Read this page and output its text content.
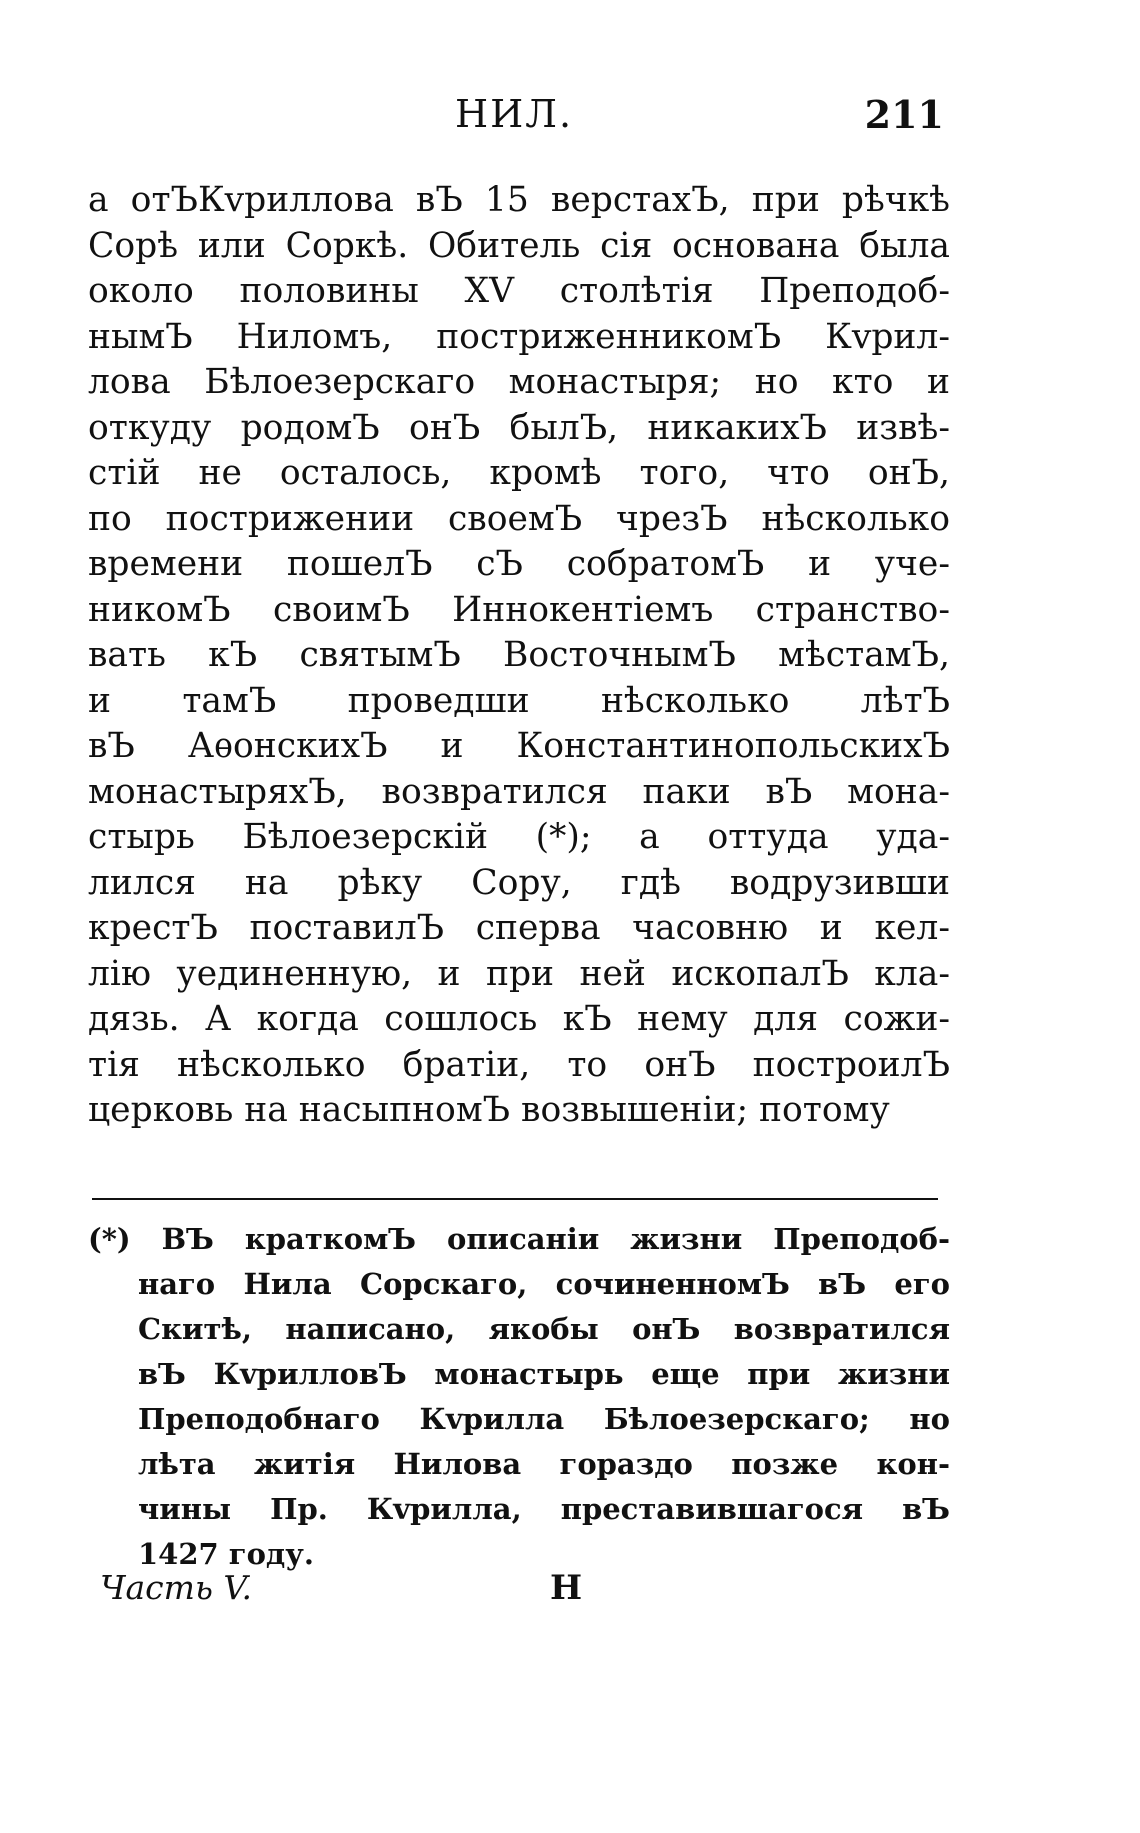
НИЛ.	211
а отЪКvриллова вЪ 15 верстахЪ, при рѣчкѣ
Сорѣ или Соркѣ. Обитель сія основана была
около половины XV столѣтія Преподоб-
нымЪ Ниломъ, постриженникомЪ Кvрил-
лова Бѣлоезерскаго монастыря; но кто и
откуду родомЪ онЪ былЪ, никакихЪ извѣ-
стій не осталось, кромѣ того, что онЪ,
по пострижении своемЪ чрезЪ нѣсколько
времени пошелЪ сЪ собратомЪ и уче-
никомЪ своимЪ Иннокентіемъ странство-
вать кЪ святымЪ ВосточнымЪ мѣстамЪ,
и тамЪ проведши нѣсколько лѣтЪ
вЪ АѳонскихЪ и КонстантинопольскихЪ
монастыряхЪ, возвратился паки вЪ мона-
стырь Бѣлоезерскій (*); а оттуда уда-
лился на рѣку Сору, гдѣ водрузивши
крестЪ поставилЪ сперва часовню и кел-
лію уединенную, и при ней ископалЪ кла-
дязь. А когда сошлось кЪ нему для сожи-
тія нѣсколько братіи, то онЪ построилЪ
церковь на насыпномЪ возвышеніи; потому
(*) ВЪ краткомЪ описаніи жизни Преподоб-
наго Нила Сорскаго, сочиненномЪ вЪ его
Скитѣ, написано, якобы онЪ возвратился
вЪ КvрилловЪ монастырь еще при жизни
Преподобнаго Кvрилла Бѣлоезерскаго; но
лѣта житія Нилова гораздо позже кон-
чины Пр. Кvрилла, преставившагося вЪ
1427 году.
Часть V.	Н
